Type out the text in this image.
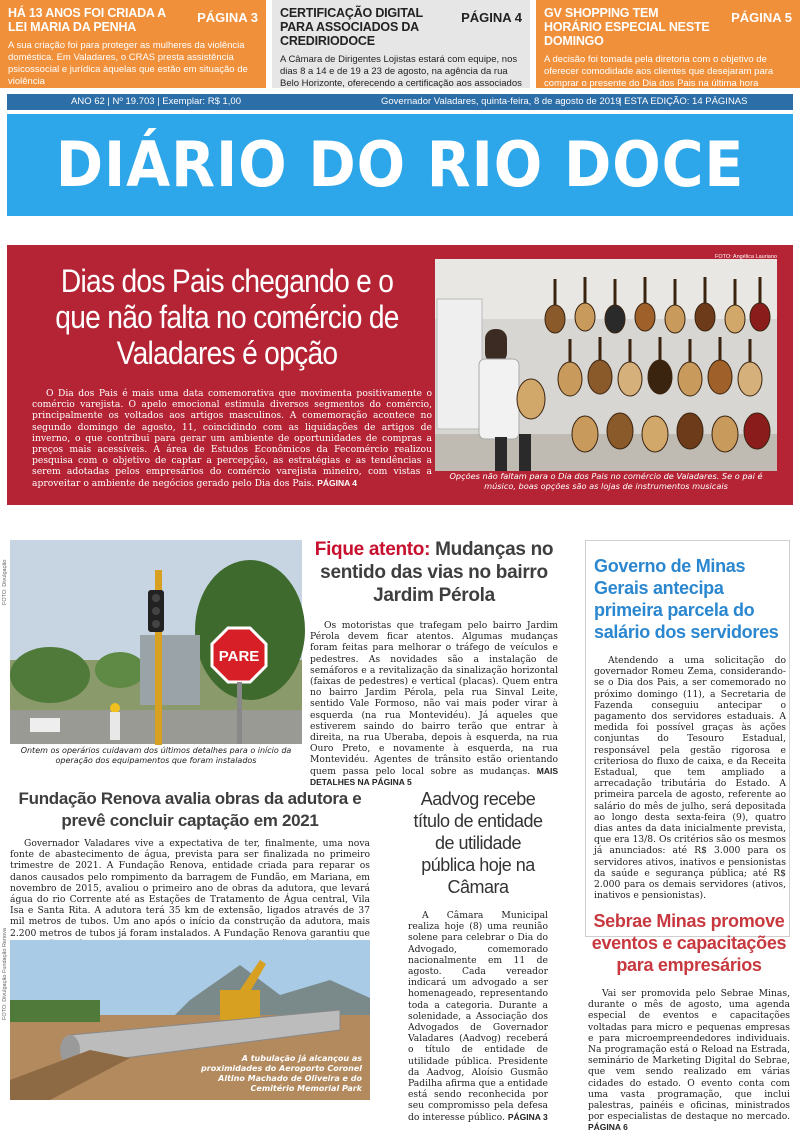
HÁ 13 ANOS FOI CRIADA A LEI MARIA DA PENHA
PÁGINA 3
A sua criação foi para proteger as mulheres da violência doméstica. Em Valadares, o CRAS presta assistência psicossocial e jurídica àquelas que estão em situação de violência
CERTIFICAÇÃO DIGITAL PARA ASSOCIADOS DA CREDIRIODOCE
PÁGINA 4
A Câmara de Dirigentes Lojistas estará com equipe, nos dias 8 a 14 e de 19 a 23 de agosto, na agência da rua Belo Horizonte, oferecendo a certificação aos associados
GV SHOPPING TEM HORÁRIO ESPECIAL NESTE DOMINGO
PÁGINA 5
A decisão foi tomada pela diretoria com o objetivo de oferecer comodidade aos clientes que desejaram para comprar o presente do Dia dos Pais na última hora
ANO 62 | Nº 19.703 | Exemplar: R$ 1,00	Governador Valadares, quinta-feira, 8 de agosto de 2019
| ESTA EDIÇÃO: 14 PÁGINAS
DIÁRIO DO RIO DOCE
Dias dos Pais chegando e o que não falta no comércio de Valadares é opção
O Dia dos Pais é mais uma data comemorativa que movimenta positivamente o comércio varejista. O apelo emocional estimula diversos segmentos do comércio, principalmente os voltados aos artigos masculinos. A comemoração acontece no segundo domingo de agosto, 11, coincidindo com as liquidações de artigos de inverno, o que contribui para gerar um ambiente de oportunidades de compras a preços mais acessíveis. A área de Estudos Econômicos da Fecomércio realizou pesquisa com o objetivo de captar a percepção, as estratégias e as tendências a serem adotadas pelos empresários do comércio varejista mineiro, com vistas a aproveitar o ambiente de negócios gerado pelo Dia dos Pais. PÁGINA 4
FOTO: Angélica Lauriano
Opções não faltam para o Dia dos Pais no comércio de Valadares. Se o pai é músico, boas opções são as lojas de instrumentos musicais
PARE
FOTO: Divulgação
Ontem os operários cuidavam dos últimos detalhes para o início da operação dos equipamentos que foram instalados
Fique atento: Mudanças no sentido das vias no bairro Jardim Pérola
Os motoristas que trafegam pelo bairro Jardim Pérola devem ficar atentos. Algumas mudanças foram feitas para melhorar o tráfego de veículos e pedestres. As novidades são a instalação de semáforos e a revitalização da sinalização horizontal (faixas de pedestres) e vertical (placas). Quem entra no bairro Jardim Pérola, pela rua Sinval Leite, sentido Vale Formoso, não vai mais poder virar à esquerda (na rua Montevidéu). Já aqueles que estiverem saindo do bairro terão que entrar à direita, na rua Uberaba, depois à esquerda, na rua Ouro Preto, e novamente à esquerda, na rua Montevidéu. Agentes de trânsito estão orientando quem passa pelo local sobre as mudanças. MAIS DETALHES NA PÁGINA 5
Governo de Minas Gerais antecipa primeira parcela do salário dos servidores
Atendendo a uma solicitação do governador Romeu Zema, considerando-se o Dia dos Pais, a ser comemorado no próximo domingo (11), a Secretaria de Fazenda conseguiu antecipar o pagamento dos servidores estaduais. A medida foi possível graças às ações conjuntas do Tesouro Estadual, responsável pela gestão rigorosa e criteriosa do fluxo de caixa, e da Receita Estadual, que tem ampliado a arrecadação tributária do Estado. A primeira parcela de agosto, referente ao salário do mês de julho, será depositada ao longo desta sexta-feira (9), quatro dias antes da data inicialmente prevista, que era 13/8. Os critérios são os mesmos já anunciados: até R$ 3.000 para os servidores ativos, inativos e pensionistas da saúde e segurança pública; até R$ 2.000 para os demais servidores (ativos, inativos e pensionistas).
Fundação Renova avalia obras da adutora e prevê concluir captação em 2021
Governador Valadares vive a expectativa de ter, finalmente, uma nova fonte de abastecimento de água, prevista para ser finalizada no primeiro trimestre de 2021. A Fundação Renova, entidade criada para reparar os danos causados pelo rompimento da barragem de Fundão, em Mariana, em novembro de 2015, avaliou o primeiro ano de obras da adutora, que levará água do rio Corrente até as Estações de Tratamento de Água central, Vila Isa e Santa Rita. A adutora terá 35 km de extensão, ligados através de 37 mil metros de tubos. Um ano após o início da construção da adutora, mais 2.200 metros de tubos já foram instalados. A Fundação Renova garantiu que
FOTO: Divulgação Fundação Renova
A tubulação já alcançou as proximidades do Aeroporto Coronel Altino Machado de Oliveira e do Cemitério Memorial Park
Aadvog recebe título de entidade de utilidade pública hoje na Câmara
A Câmara Municipal realiza hoje (8) uma reunião solene para celebrar o Dia do Advogado, comemorado nacionalmente em 11 de agosto. Cada vereador indicará um advogado a ser homenageado, representando toda a categoria. Durante a solenidade, a Associação dos Advogados de Governador Valadares (Aadvog) receberá o título de entidade de utilidade pública. Presidente da Aadvog, Aloísio Gusmão Padilha afirma que a entidade está sendo reconhecida por seu compromisso pela defesa do interesse público. PÁGINA 3
Sebrae Minas promove eventos e capacitações para empresários
Vai ser promovida pelo Sebrae Minas, durante o mês de agosto, uma agenda especial de eventos e capacitações voltadas para micro e pequenas empresas e para microempreendedores individuais. Na programação está o Reload na Estrada, seminário de Marketing Digital do Sebrae, que vem sendo realizado em várias cidades do estado. O evento conta com uma vasta programação, que inclui palestras, painéis e oficinas, ministrados por especialistas de destaque no mercado. PÁGINA 6
